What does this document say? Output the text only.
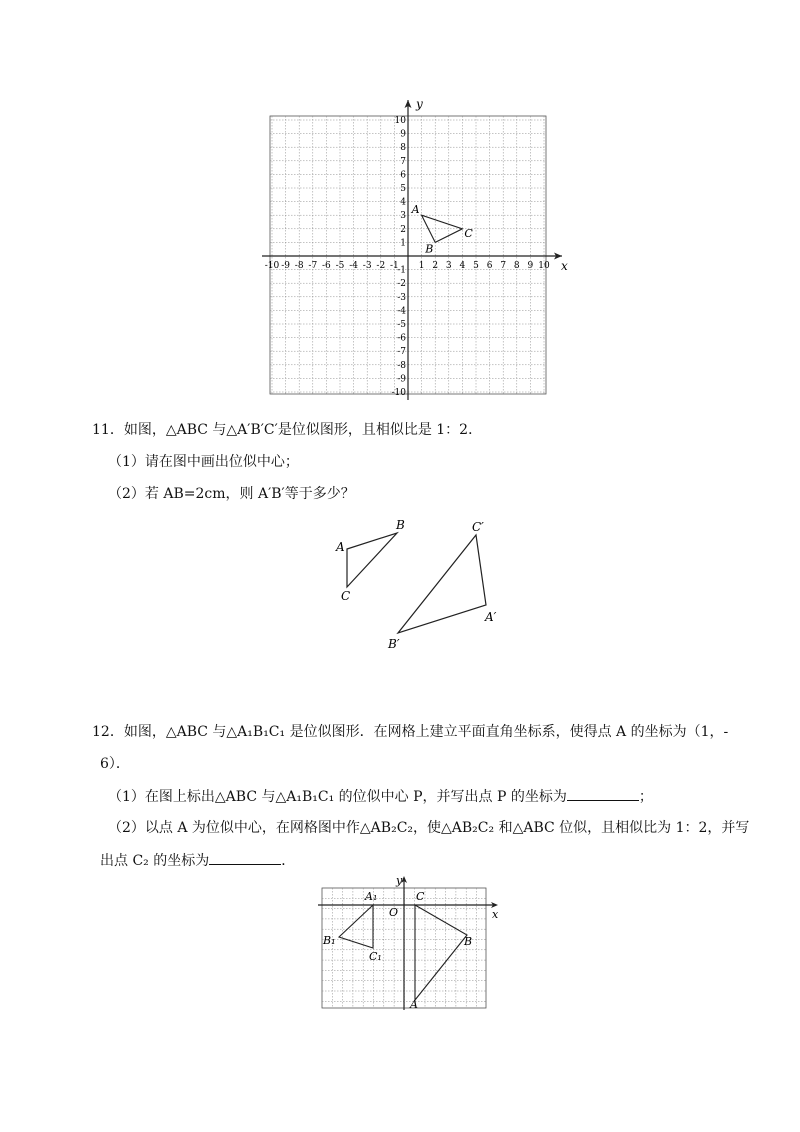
x
y
-10
-10
-9
-9
-8
-8
-7
-7
-6
-6
-5
-5
-4
-4
-3
-3
-2
-2
-1
-1 1
1
2
2
3
3
4
4
5
5
6
6
7
7
8
8
9
9
10
10
A
B
C
11．如图，△ABC 与△A′B′C′是位似图形，且相似比是 1：2．
（1）请在图中画出位似中心；
（2）若 AB=2cm，则 A′B′等于多少？
A
B
C
C′
A′
B′
12．如图，△ABC 与△A₁B₁C₁ 是位似图形．在网格上建立平面直角坐标系，使得点 A 的坐标为（1，-
6）．
（1）在图上标出△ABC 与△A₁B₁C₁ 的位似中心 P，并写出点 P 的坐标为	；
（2）以点 A 为位似中心，在网格图中作△AB₂C₂，使△AB₂C₂ 和△ABC 位似，且相似比为 1：2，并写
出点 C₂ 的坐标为	．
x
y
O
A₁
B₁
C₁
C
B
A
